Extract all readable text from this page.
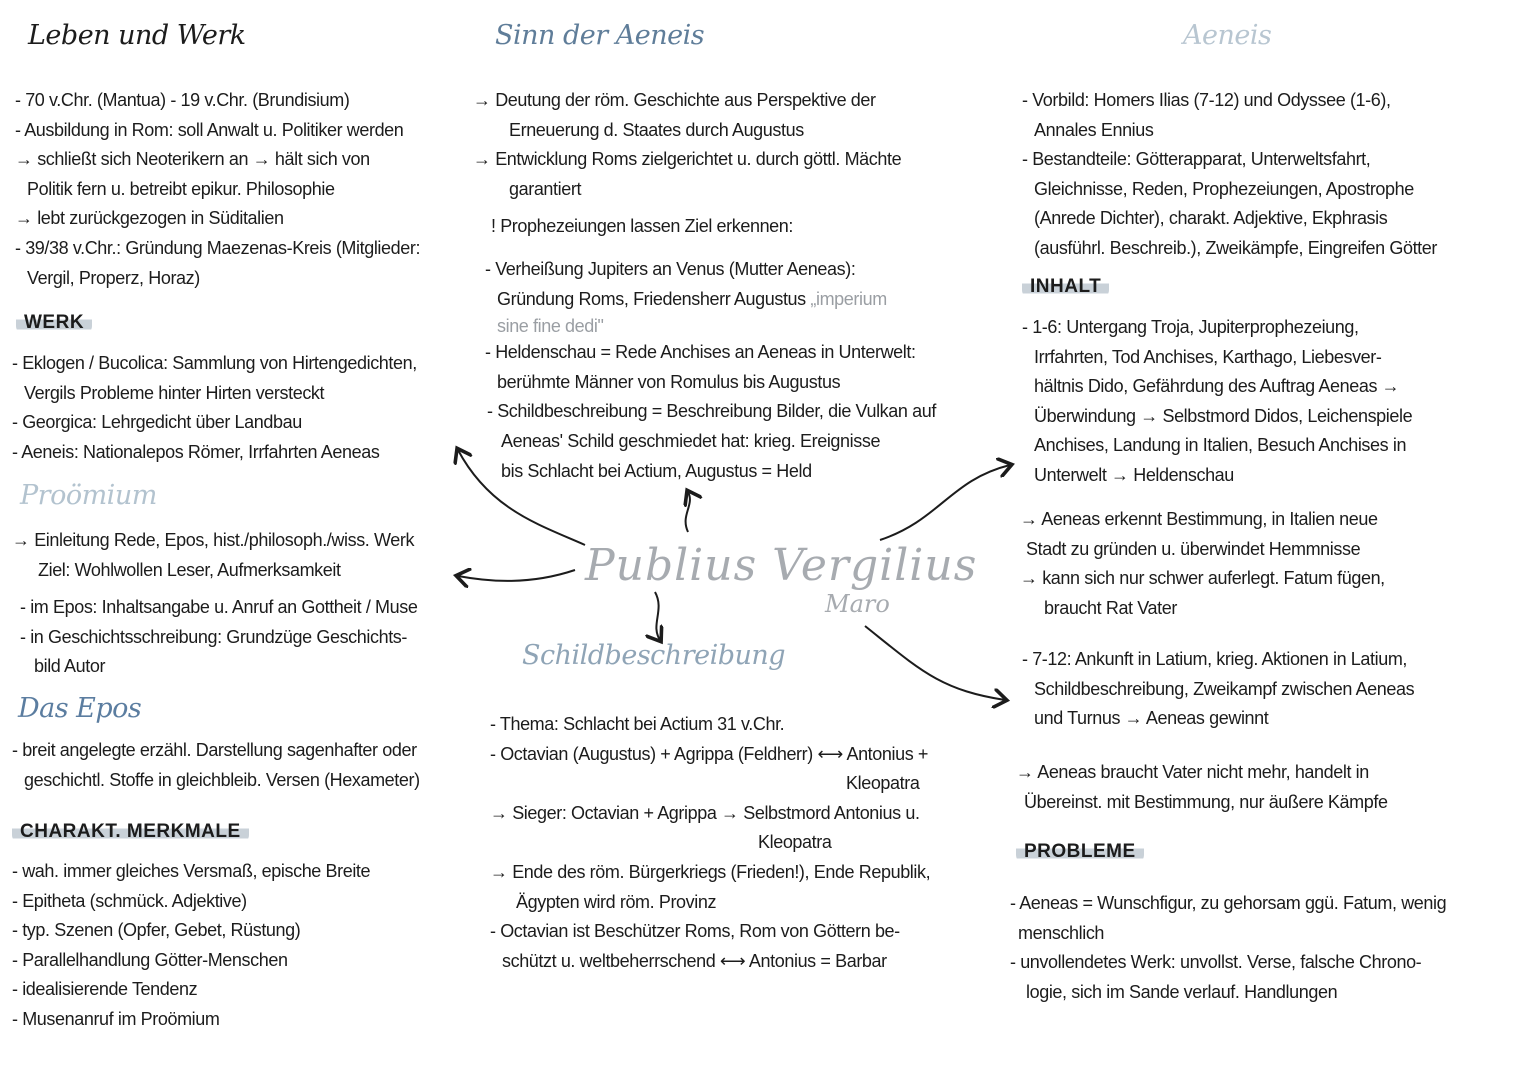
Leben und Werk
- 70 v.Chr. (Mantua) - 19 v.Chr. (Brundisium)
- Ausbildung in Rom: soll Anwalt u. Politiker werden
→ schließt sich Neoterikern an → hält sich von
Politik fern u. betreibt epikur. Philosophie
→ lebt zurückgezogen in Süditalien
- 39/38 v.Chr.: Gründung Maezenas-Kreis (Mitglieder:
Vergil, Properz, Horaz)
WERK
- Eklogen / Bucolica: Sammlung von Hirtengedichten,
Vergils Probleme hinter Hirten versteckt
- Georgica: Lehrgedicht über Landbau
- Aeneis: Nationalepos Römer, Irrfahrten Aeneas
Proömium
→ Einleitung Rede, Epos, hist./philosoph./wiss. Werk
Ziel: Wohlwollen Leser, Aufmerksamkeit
- im Epos: Inhaltsangabe u. Anruf an Gottheit / Muse
- in Geschichtsschreibung: Grundzüge Geschichts-
bild Autor
Das Epos
- breit angelegte erzähl. Darstellung sagenhafter oder
geschichtl. Stoffe in gleichbleib. Versen (Hexameter)
CHARAKT. MERKMALE
- wah. immer gleiches Versmaß, epische Breite
- Epitheta (schmück. Adjektive)
- typ. Szenen (Opfer, Gebet, Rüstung)
- Parallelhandlung Götter-Menschen
- idealisierende Tendenz
- Musenanruf im Proömium
Sinn der Aeneis
→ Deutung der röm. Geschichte aus Perspektive der
Erneuerung d. Staates durch Augustus
→ Entwicklung Roms zielgerichtet u. durch göttl. Mächte
garantiert
! Prophezeiungen lassen Ziel erkennen:
- Verheißung Jupiters an Venus (Mutter Aeneas):
Gründung Roms, Friedensherr Augustus „imperium
sine fine dedi"
- Heldenschau = Rede Anchises an Aeneas in Unterwelt:
berühmte Männer von Romulus bis Augustus
- Schildbeschreibung = Beschreibung Bilder, die Vulkan auf
Aeneas' Schild geschmiedet hat: krieg. Ereignisse
bis Schlacht bei Actium, Augustus = Held
Publius Vergilius
Maro
Schildbeschreibung
- Thema: Schlacht bei Actium 31 v.Chr.
- Octavian (Augustus) + Agrippa (Feldherr) ⟷ Antonius +
Kleopatra
→ Sieger: Octavian + Agrippa → Selbstmord Antonius u.
Kleopatra
→ Ende des röm. Bürgerkriegs (Frieden!), Ende Republik,
Ägypten wird röm. Provinz
- Octavian ist Beschützer Roms, Rom von Göttern be-
schützt u. weltbeherrschend ⟷ Antonius = Barbar
Aeneis
- Vorbild: Homers Ilias (7-12) und Odyssee (1-6),
Annales Ennius
- Bestandteile: Götterapparat, Unterweltsfahrt,
Gleichnisse, Reden, Prophezeiungen, Apostrophe
(Anrede Dichter), charakt. Adjektive, Ekphrasis
(ausführl. Beschreib.), Zweikämpfe, Eingreifen Götter
INHALT
- 1-6: Untergang Troja, Jupiterprophezeiung,
Irrfahrten, Tod Anchises, Karthago, Liebesver-
hältnis Dido, Gefährdung des Auftrag Aeneas →
Überwindung → Selbstmord Didos, Leichenspiele
Anchises, Landung in Italien, Besuch Anchises in
Unterwelt → Heldenschau
→ Aeneas erkennt Bestimmung, in Italien neue
Stadt zu gründen u. überwindet Hemmnisse
→ kann sich nur schwer auferlegt. Fatum fügen,
braucht Rat Vater
- 7-12: Ankunft in Latium, krieg. Aktionen in Latium,
Schildbeschreibung, Zweikampf zwischen Aeneas
und Turnus → Aeneas gewinnt
→ Aeneas braucht Vater nicht mehr, handelt in
Übereinst. mit Bestimmung, nur äußere Kämpfe
PROBLEME
- Aeneas = Wunschfigur, zu gehorsam ggü. Fatum, wenig
menschlich
- unvollendetes Werk: unvollst. Verse, falsche Chrono-
logie, sich im Sande verlauf. Handlungen
